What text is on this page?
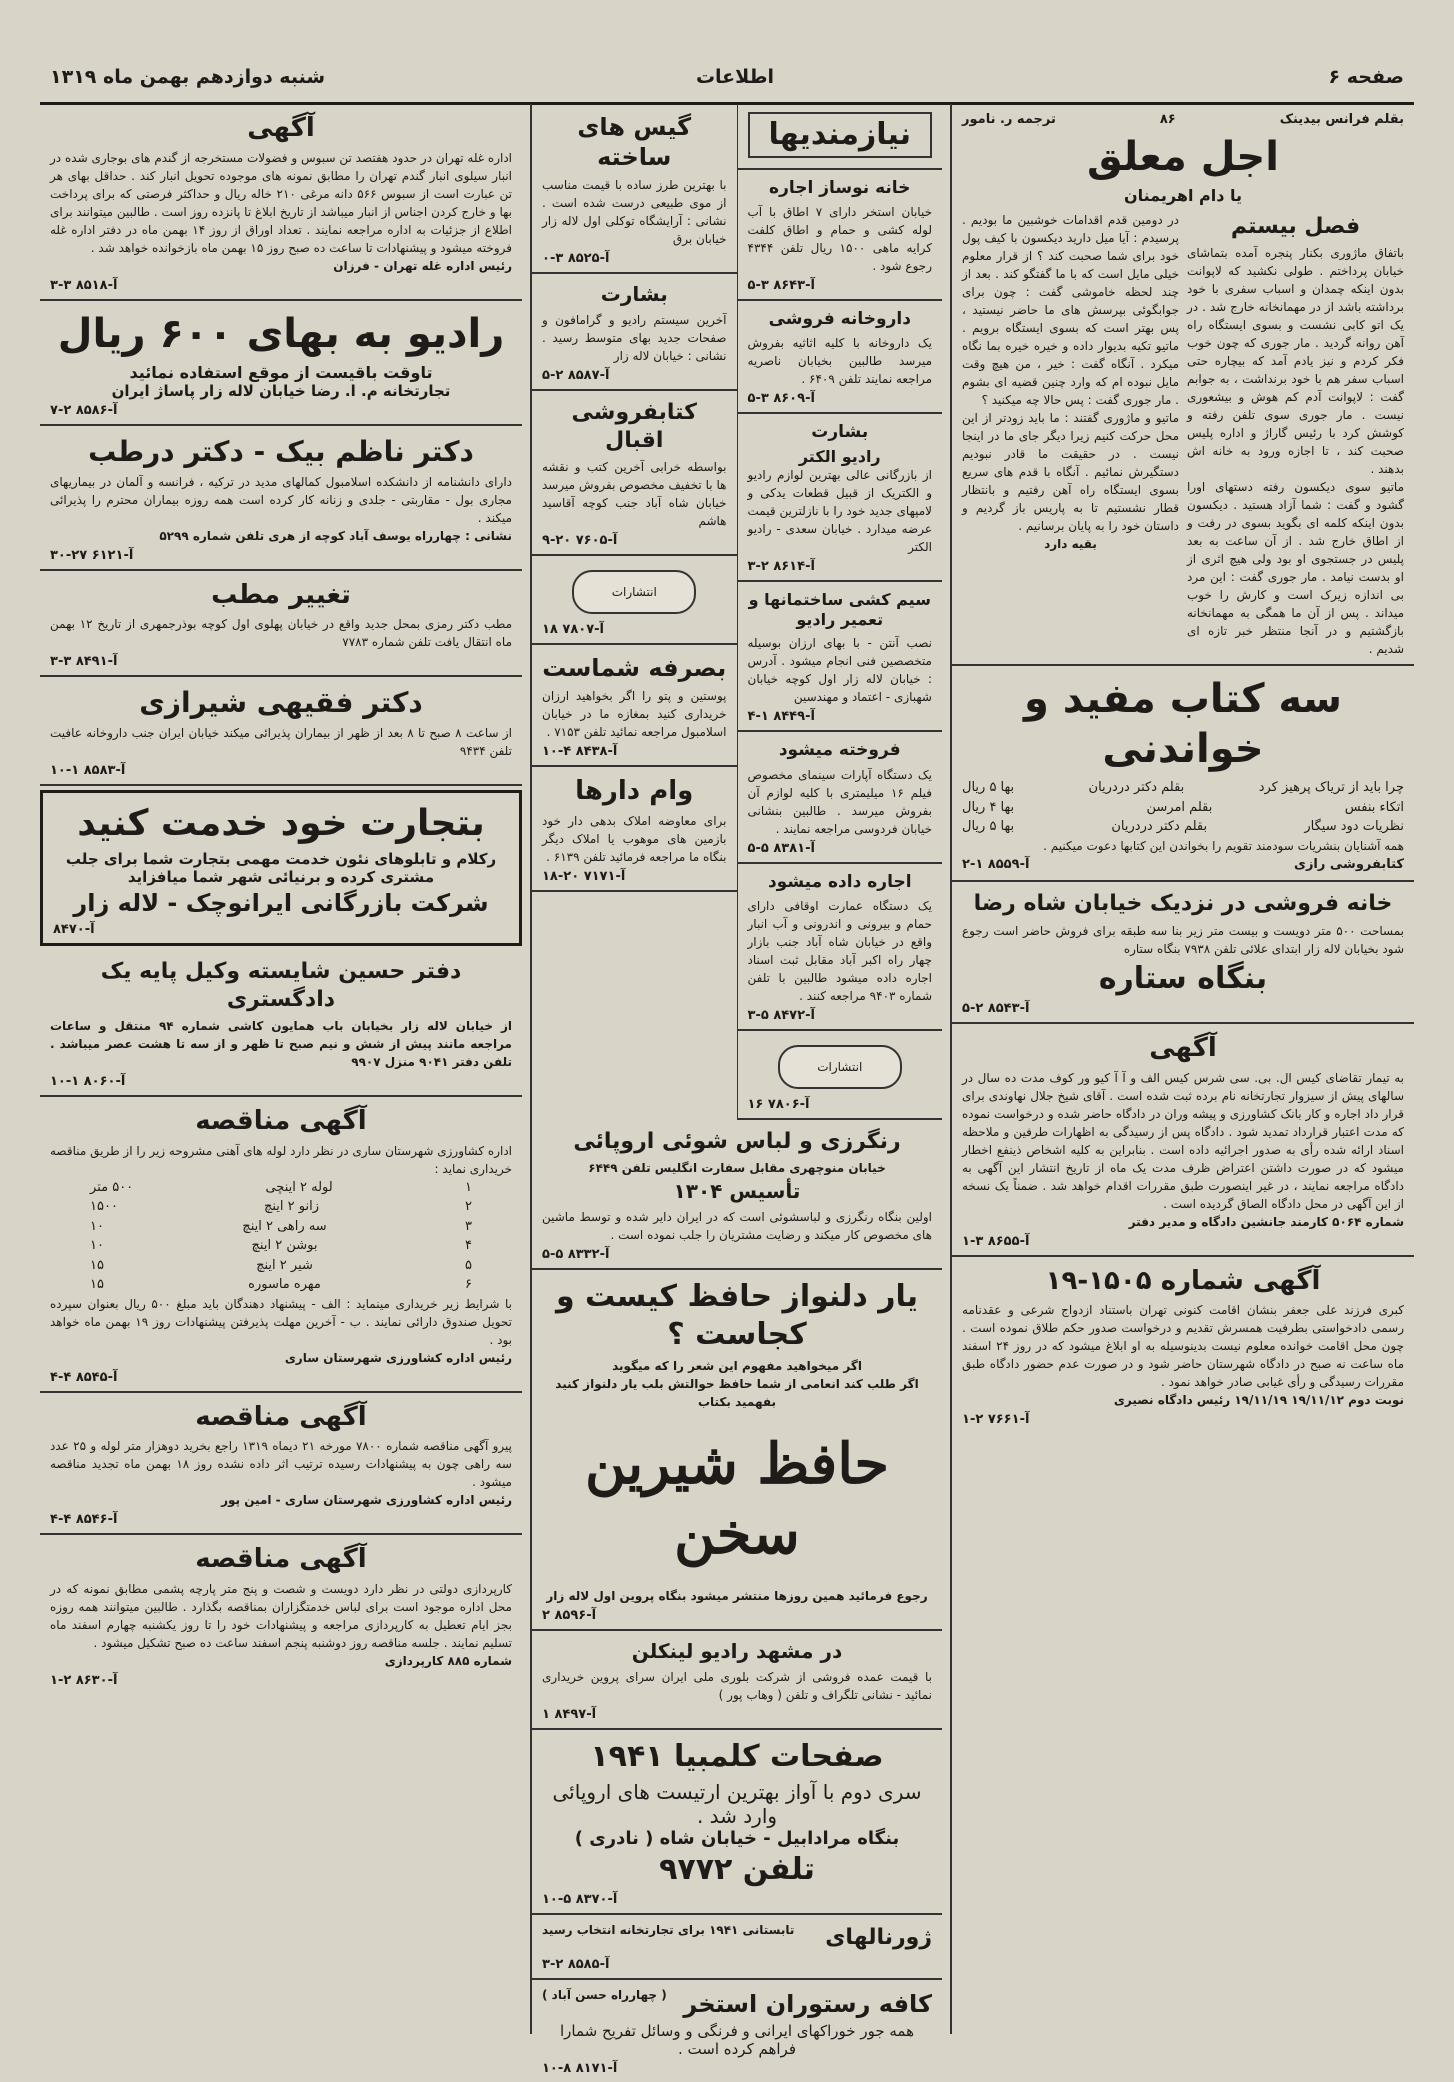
صفحه ۶
اطلاعات
شنبه دوازدهم بهمن ماه ۱۳۱۹
بقلم فرانس بیدینک
۸۶
ترجمه ر. نامور
اجل معلق
یا دام اهریمنان
فصل بیستم
باتفاق ماژوری بکنار پنجره آمده بتماشای خیابان پرداختم . طولی نکشید که لاپوانت بدون اینکه چمدان و اسباب سفری با خود برداشته باشد از در مهمانخانه خارج شد . در یک اتو کابی نشست و بسوی ایستگاه راه آهن روانه گردید . مار جوری که چون خوب فکر کردم و نیز یادم آمد که بیچاره حتی اسباب سفر هم با خود برنداشت ، به جوابم گفت : لاپوانت آدم کم هوش و بیشعوری نیست . مار جوری سوی تلفن رفته و کوشش کرد با رئیس گاراژ و اداره پلیس صحبت کند ، تا اجازه ورود به خانه اش بدهند .
ماتیو سوی دیکسون رفته دستهای اورا گشود و گفت : شما آزاد هستید . دیکسون بدون اینکه کلمه ای بگوید بسوی در رفت و از اطاق خارج شد . از آن ساعت به بعد پلیس در جستجوی او بود ولی هیچ اثری از او بدست نیامد . مار جوری گفت : این مرد بی اندازه زیرک است و کارش را خوب میداند . پس از آن ما همگی به مهمانخانه بازگشتیم و در آنجا منتظر خبر تازه ای شدیم .
در دومین قدم اقدامات خوشبین ما بودیم . پرسیدم : آیا میل دارید دیکسون با کیف پول خود برای شما صحبت کند ؟ از قرار معلوم خیلی مایل است که با ما گفتگو کند . بعد از چند لحظه خاموشی گفت : چون برای جوابگوئی بپرسش های ما حاضر نیستید ، پس بهتر است که بسوی ایستگاه برویم . ماتیو تکیه بدیوار داده و خیره خیره بما نگاه میکرد . آنگاه گفت : خیر ، من هیچ وقت مایل نبوده ام که وارد چنین قضیه ای بشوم . مار جوری گفت : پس حالا چه میکنید ؟
ماتیو و ماژوری گفتند : ما باید زودتر از این محل حرکت کنیم زیرا دیگر جای ما در اینجا نیست . در حقیقت ما قادر نبودیم دستگیرش نمائیم . آنگاه با قدم های سریع بسوی ایستگاه راه آهن رفتیم و بانتظار قطار نشستیم تا به پاریس باز گردیم و داستان خود را به پایان برسانیم .
بقیه دارد
سه کتاب مفید و خواندنی
چرا باید از تریاک پرهیز کرد
بقلم دکتر دردریان
بها ۵ ریال
اتکاء بنفس
بقلم امرسن
بها ۴ ریال
نظریات دود سیگار
بقلم دکتر دردریان
بها ۵ ریال
همه آشنایان بنشریات سودمند تقویم را بخواندن این کتابها دعوت میکنیم .
کتابفروشی رازی
آ-۸۵۵۹ ۱-۲
خانه فروشی در نزدیک خیابان شاه رضا
بمساحت ۵۰۰ متر دویست و بیست متر زیر بنا سه طبقه برای فروش حاضر است رجوع شود بخیابان لاله زار ابتدای علائی تلفن ۷۹۳۸ بنگاه ستاره
بنگاه ستاره
آ-۸۵۴۳ ۲-۵
آگهی
به تیمار تقاضای کیس ال. بی. سی شرس کیس الف و آ آ کیو ور کوف مدت ده سال در سالهای پیش از سیزوار تجارتخانه نام برده ثبت شده است . آقای شیخ جلال نهاوندی برای قرار داد اجاره و کار بانک کشاورزی و پیشه وران در دادگاه حاضر شده و درخواست نموده که مدت اعتبار قرارداد تمدید شود . دادگاه پس از رسیدگی به اظهارات طرفین و ملاحظه اسناد ارائه شده رأی به صدور اجرائیه داده است . بنابراین به کلیه اشخاص ذینفع اخطار میشود که در صورت داشتن اعتراض ظرف مدت یک ماه از تاریخ انتشار این آگهی به دادگاه مراجعه نمایند ، در غیر اینصورت طبق مقررات اقدام خواهد شد . ضمناً یک نسخه از این آگهی در محل دادگاه الصاق گردیده است .
شماره ۵۰۶۴ کارمند جانشین دادگاه و مدیر دفتر
آ-۸۶۵۵ ۳-۱
آگهی شماره ۱۵۰۵-۱۹
کبری فرزند علی جعفر بنشان اقامت کنونی تهران باستناد ازدواج شرعی و عقدنامه رسمی دادخواستی بطرفیت همسرش تقدیم و درخواست صدور حکم طلاق نموده است . چون محل اقامت خوانده معلوم نیست بدینوسیله به او ابلاغ میشود که در روز ۲۴ اسفند ماه ساعت نه صبح در دادگاه شهرستان حاضر شود و در صورت عدم حضور دادگاه طبق مقررات رسیدگی و رأی غیابی صادر خواهد نمود .
نوبت دوم ۱۹/۱۱/۱۲ ۱۹/۱۱/۱۹ رئیس دادگاه نصیری
آ-۷۶۶۱ ۲-۱
نیازمندیها
خانه نوساز اجاره
خیابان استخر دارای ۷ اطاق با آب لوله کشی و حمام و اطاق کلفت کرایه ماهی ۱۵۰۰ ریال تلفن ۴۳۴۴ رجوع شود .
آ-۸۶۴۳ ۳-۵
داروخانه فروشی
یک داروخانه با کلیه اثاثیه بفروش میرسد طالبین بخیابان ناصریه مراجعه نمایند تلفن ۶۴۰۹ .
آ-۸۶۰۹ ۳-۵
بشارت
رادیو الکتر
از بازرگانی عالی بهترین لوازم رادیو و الکتریک از قبیل قطعات یدکی و لامپهای جدید خود را با نازلترین قیمت عرضه میدارد . خیابان سعدی - رادیو الکتر
آ-۸۶۱۴ ۲-۳
سیم کشی ساختمانها و تعمیر رادیو
نصب آنتن - با بهای ارزان بوسیله متخصصین فنی انجام میشود . آدرس : خیابان لاله زار اول کوچه خیابان شهبازی - اعتماد و مهندسین
آ-۸۴۴۹ ۱-۴
فروخته میشود
یک دستگاه آپارات سینمای مخصوص فیلم ۱۶ میلیمتری با کلیه لوازم آن بفروش میرسد . طالبین بنشانی خیابان فردوسی مراجعه نمایند .
آ-۸۳۸۱ ۵-۵
اجاره داده میشود
یک دستگاه عمارت اوقافی دارای حمام و بیرونی و اندرونی و آب انبار واقع در خیابان شاه آباد جنب بازار چهار راه اکبر آباد مقابل ثبت اسناد اجاره داده میشود طالبین با تلفن شماره ۹۴۰۳ مراجعه کنند .
آ-۸۴۷۲ ۵-۳
انتشارات
آ-۷۸۰۶ ۱۶
گیس های ساخته
با بهترین طرز ساده با قیمت مناسب از موی طبیعی درست شده است . نشانی : آرایشگاه توکلی اول لاله زار خیابان برق
آ-۸۵۲۵ ۳-۰
بشارت
آخرین سیستم رادیو و گرامافون و صفحات جدید بهای متوسط رسید . نشانی : خیابان لاله زار
آ-۸۵۸۷ ۲-۵
کتابفروشی اقبال
بواسطه خرابی آخرین کتب و نقشه ها با تخفیف مخصوص بفروش میرسد خیابان شاه آباد جنب کوچه آقاسید هاشم
آ-۷۶۰۵ ۲۰-۹
انتشارات
آ-۷۸۰۷ ۱۸
بصرفه شماست
پوستین و پتو را اگر بخواهید ارزان خریداری کنید بمغازه ما در خیابان اسلامبول مراجعه نمائید تلفن ۷۱۵۳ .
آ-۸۴۳۸ ۴-۱۰
وام دارها
برای معاوضه املاک بدهی دار خود بازمین های موهوب یا املاک دیگر بنگاه ما مراجعه فرمائید تلفن ۶۱۳۹ .
آ-۷۱۷۱ ۲۰-۱۸
رنگرزی و لباس شوئی اروپائی
خیابان منوچهری مقابل سفارت انگلیس تلفن ۶۴۴۹
تأسیس ۱۳۰۴
اولین بنگاه رنگرزی و لباسشوئی است که در ایران دایر شده و توسط ماشین های مخصوص کار میکند و رضایت مشتریان را جلب نموده است .
آ-۸۳۳۲ ۵-۵
یار دلنواز حافظ کیست و کجاست ؟
اگر میخواهید مفهوم این شعر را که میگوید
اگر طلب کند انعامی از شما حافظ حوالتش بلب یار دلنواز کنید
بفهمید بکتاب
حافظ شیرین سخن
رجوع فرمائید همین روزها منتشر میشود بنگاه پروین اول لاله زار
آ-۸۵۹۶ ۲
در مشهد رادیو لینکلن
با قیمت عمده فروشی از شرکت بلوری ملی ایران سرای پروین خریداری نمائید - نشانی تلگراف و تلفن ( وهاب پور )
آ-۸۴۹۷ ۱
صفحات کلمبیا ۱۹۴۱
سری دوم با آواز بهترین ارتیست های اروپائی وارد شد .
بنگاه مرادابیل - خیابان شاه ( نادری )
تلفن ۹۷۷۲
آ-۸۳۷۰ ۵-۱۰
ژورنالهای
تابستانی ۱۹۴۱ برای تجارتخانه انتخاب رسید
آ-۸۵۸۵ ۲-۳
کافه رستوران استخر
( چهارراه حسن آباد )
همه جور خوراکهای ایرانی و فرنگی و وسائل تفریح شمارا فراهم کرده است .
آ-۸۱۷۱ ۸-۱۰
آگهی
اداره غله تهران در حدود هفتصد تن سبوس و فضولات مستخرجه از گندم های بوجاری شده در انبار سیلوی انبار گندم تهران را مطابق نمونه های موجوده تحویل انبار کند . حداقل بهای هر تن عبارت است از سبوس ۵۶۶ دانه مرغی ۲۱۰ خاله ریال و حداکثر فرصتی که برای پرداخت بها و خارج کردن اجناس از انبار میباشد از تاریخ ابلاغ تا پانزده روز است . طالبین میتوانند برای اطلاع از جزئیات به اداره مراجعه نمایند . تعداد اوراق از روز ۱۴ بهمن ماه در دفتر اداره غله فروخته میشود و پیشنهادات تا ساعت ده صبح روز ۱۵ بهمن ماه بازخوانده خواهد شد .
رئیس اداره غله تهران - فرزان
آ-۸۵۱۸ ۳-۳
رادیو به بهای ۶۰۰ ریال
تاوقت باقیست از موقع استفاده نمائید
تجارتخانه م. ا. رضا خیابان لاله زار پاساژ ایران
آ-۸۵۸۶ ۲-۷
دکتر ناظم بیک - دکتر درطب
دارای دانشنامه از دانشکده اسلامبول کمالهای مدید در ترکیه ، فرانسه و آلمان در بیماریهای مجاری بول - مقاربتی - جلدی و زنانه کار کرده است همه روزه بیماران محترم را پذیرائی میکند .
نشانی : چهارراه یوسف آباد کوچه از هری تلفن شماره ۵۲۹۹
آ-۶۱۲۱ ۲۷-۳۰
تغییر مطب
مطب دکتر رمزی بمحل جدید واقع در خیابان پهلوی اول کوچه بوذرجمهری از تاریخ ۱۲ بهمن ماه انتقال یافت تلفن شماره ۷۷۸۳
آ-۸۴۹۱ ۳-۳
دکتر فقیهی شیرازی
از ساعت ۸ صبح تا ۸ بعد از ظهر از بیماران پذیرائی میکند خیابان ایران جنب داروخانه عافیت تلفن ۹۴۳۴
آ-۸۵۸۳ ۱-۱۰
بتجارت خود خدمت کنید
رکلام و تابلوهای نئون خدمت مهمی بتجارت شما برای جلب مشتری کرده و برنیائی شهر شما میافزاید
شرکت بازرگانی ایرانوچک - لاله زار
آ-۸۴۷۰
دفتر حسین شایسته وکیل پایه یک دادگستری
از خیابان لاله زار بخیابان باب همایون کاشی شماره ۹۴ منتقل و ساعات مراجعه مانند پیش از شش و نیم صبح تا ظهر و از سه تا هشت عصر میباشد . تلفن دفتر ۹۰۴۱ منزل ۹۹۰۷
آ-۸۰۶۰ ۱-۱۰
آگهی مناقصه
اداره کشاورزی شهرستان ساری در نظر دارد لوله های آهنی مشروحه زیر را از طریق مناقصه خریداری نماید :
۱
لوله ۲ اینچی
۵۰۰ متر
۲
زانو ۲ اینچ
۱۵۰۰
۳
سه راهی ۲ اینچ
۱۰
۴
بوشن ۲ اینچ
۱۰
۵
شیر ۲ اینچ
۱۵
۶
مهره ماسوره
۱۵
با شرایط زیر خریداری مینماید : الف - پیشنهاد دهندگان باید مبلغ ۵۰۰ ریال بعنوان سپرده تحویل صندوق دارائی نمایند . ب - آخرین مهلت پذیرفتن پیشنهادات روز ۱۹ بهمن ماه خواهد بود .
رئیس اداره کشاورزی شهرستان ساری
آ-۸۵۴۵ ۴-۴
آگهی مناقصه
پیرو آگهی مناقصه شماره ۷۸۰۰ مورخه ۲۱ دیماه ۱۳۱۹ راجع بخرید دوهزار متر لوله و ۲۵ عدد سه راهی چون به پیشنهادات رسیده ترتیب اثر داده نشده روز ۱۸ بهمن ماه تجدید مناقصه میشود .
رئیس اداره کشاورزی شهرستان ساری - امین پور
آ-۸۵۴۶ ۴-۴
آگهی مناقصه
کارپردازی دولتی در نظر دارد دویست و شصت و پنج متر پارچه پشمی مطابق نمونه که در محل اداره موجود است برای لباس خدمتگزاران بمناقصه بگذارد . طالبین میتوانند همه روزه بجز ایام تعطیل به کارپردازی مراجعه و پیشنهادات خود را تا روز یکشنبه چهارم اسفند ماه تسلیم نمایند . جلسه مناقصه روز دوشنبه پنجم اسفند ساعت ده صبح تشکیل میشود .
شماره ۸۸۵ کارپردازی
آ-۸۶۳۰ ۲-۱
